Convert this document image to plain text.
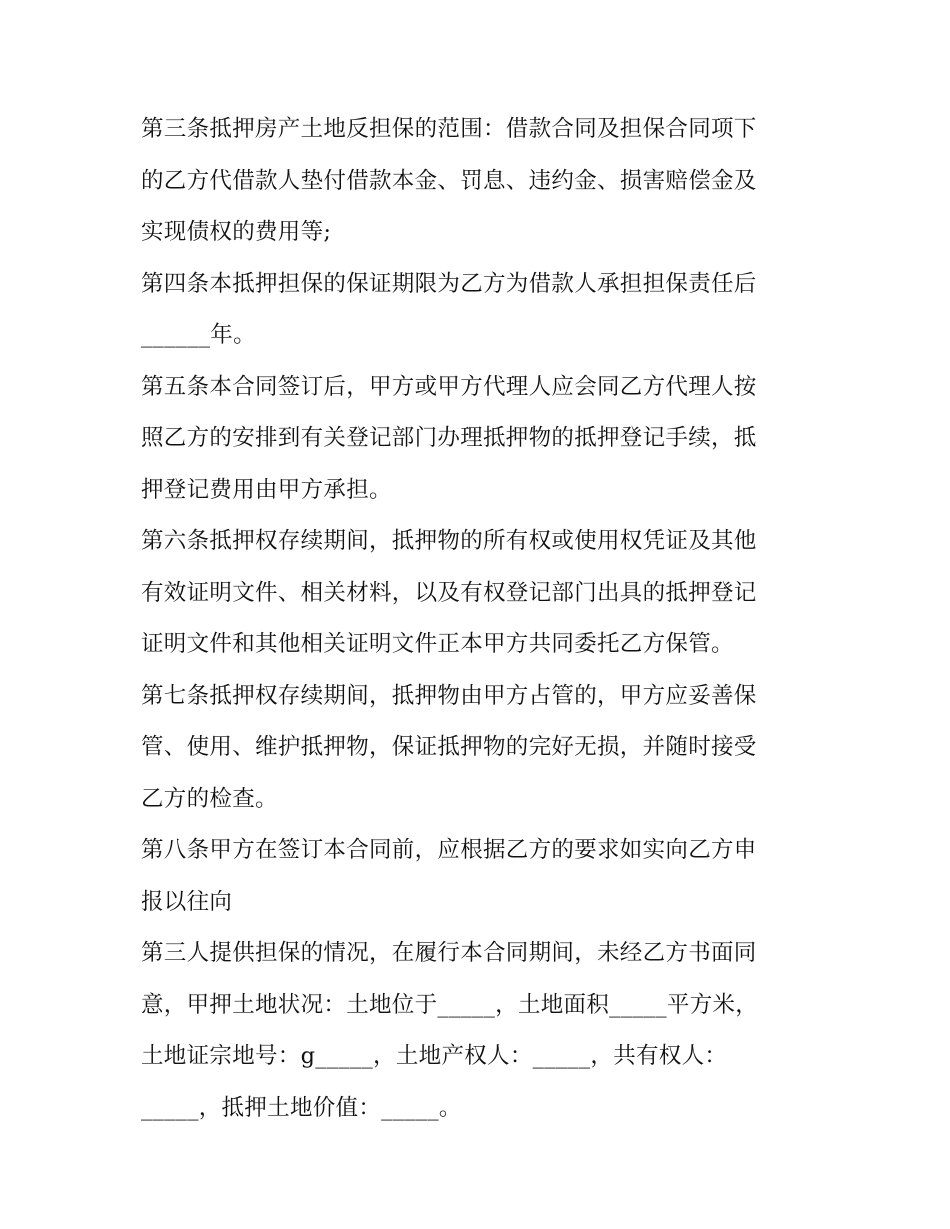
第三条抵押房产土地反担保的范围：借款合同及担保合同项下
的乙方代借款人垫付借款本金、罚息、违约金、损害赔偿金及
实现债权的费用等;
第四条本抵押担保的保证期限为乙方为借款人承担担保责任后
______年。
第五条本合同签订后，甲方或甲方代理人应会同乙方代理人按
照乙方的安排到有关登记部门办理抵押物的抵押登记手续，抵
押登记费用由甲方承担。
第六条抵押权存续期间，抵押物的所有权或使用权凭证及其他
有效证明文件、相关材料，以及有权登记部门出具的抵押登记
证明文件和其他相关证明文件正本甲方共同委托乙方保管。
第七条抵押权存续期间，抵押物由甲方占管的，甲方应妥善保
管、使用、维护抵押物，保证抵押物的完好无损，并随时接受
乙方的检查。
第八条甲方在签订本合同前，应根据乙方的要求如实向乙方申
报以往向
第三人提供担保的情况，在履行本合同期间，未经乙方书面同
意，甲押土地状况：土地位于_____，土地面积_____平方米，
土地证宗地号：g_____，土地产权人：_____，共有权人：
_____，抵押土地价值：_____。
